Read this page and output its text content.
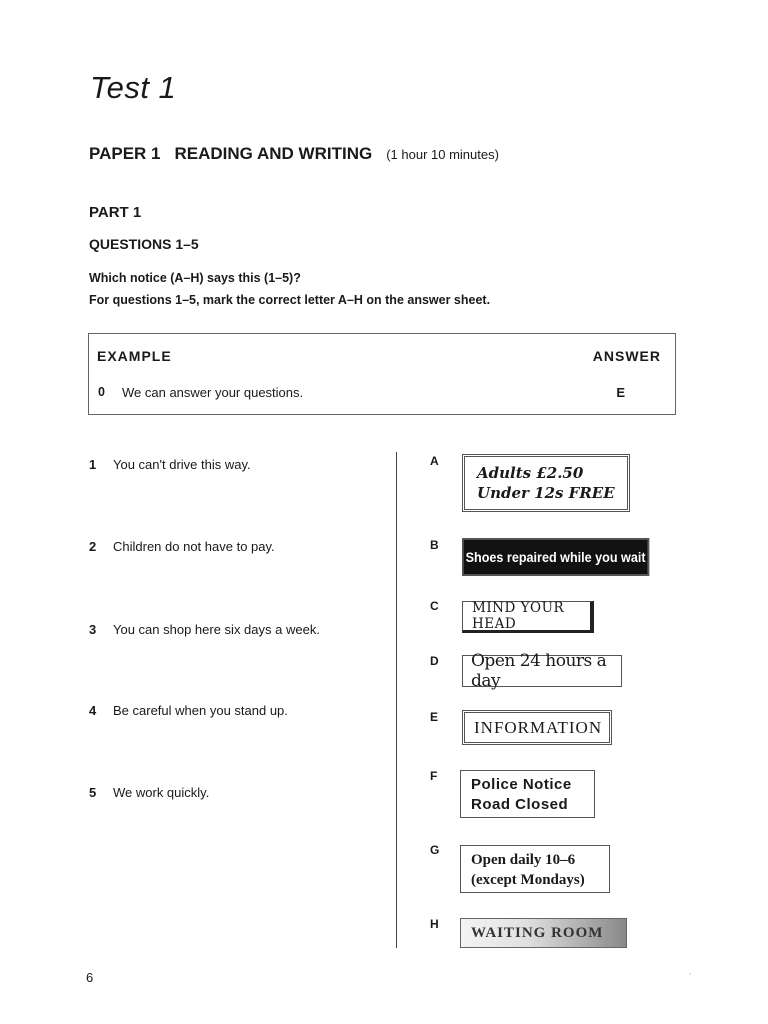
Test 1
PAPER 1 READING AND WRITING (1 hour 10 minutes)
PART 1
QUESTIONS 1–5
Which notice (A–H) says this (1–5)?
For questions 1–5, mark the correct letter A–H on the answer sheet.
EXAMPLE	ANSWER
0 We can answer your questions.	E
1 You can't drive this way.
2 Children do not have to pay.
3 You can shop here six days a week.
4 Be careful when you stand up.
5 We work quickly.
A
B
C
D
E
F
G
H
Adults £2.50
Under 12s FREE
Shoes repaired while you wait
MIND YOUR HEAD
Open 24 hours a day
INFORMATION
Police Notice
Road Closed
Open daily 10–6
(except Mondays)
WAITING ROOM
6	⸳
